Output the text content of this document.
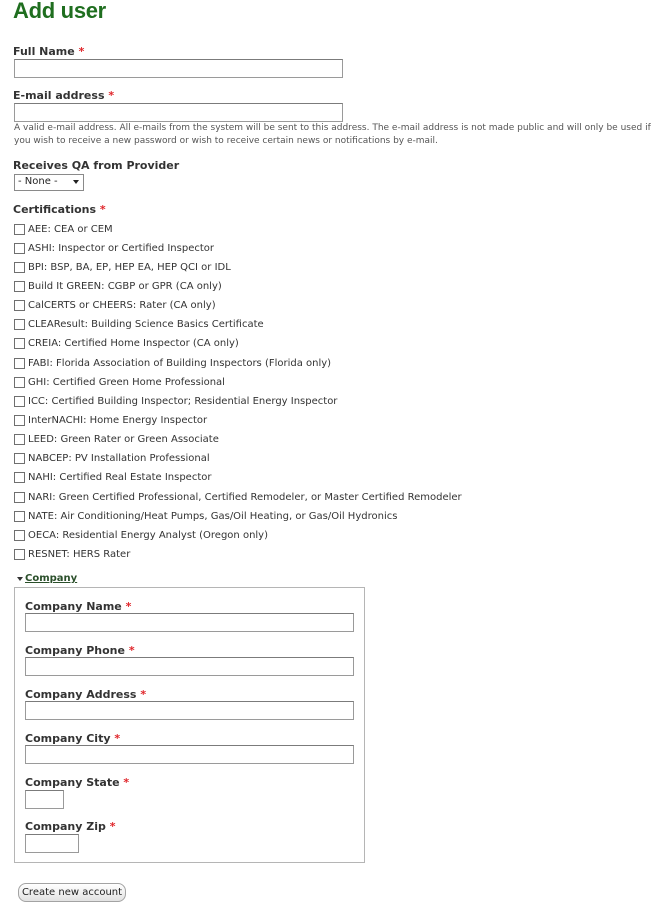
Add user
Full Name *
E-mail address *

A valid e-mail address. All e-mails from the system will be sent to this address. The e-mail address is not made public and will only be used if you wish to receive a new password or wish to receive certain news or notifications by e-mail.

Receives QA from Provider
- None -
Certifications *
AEE: CEA or CEM
ASHI: Inspector or Certified Inspector
BPI: BSP, BA, EP, HEP EA, HEP QCI or IDL
Build It GREEN: CGBP or GPR (CA only)
CalCERTS or CHEERS: Rater (CA only)
CLEAResult: Building Science Basics Certificate
CREIA: Certified Home Inspector (CA only)
FABI: Florida Association of Building Inspectors (Florida only)
GHI: Certified Green Home Professional
ICC: Certified Building Inspector; Residential Energy Inspector
InterNACHI: Home Energy Inspector
LEED: Green Rater or Green Associate
NABCEP: PV Installation Professional
NAHI: Certified Real Estate Inspector
NARI: Green Certified Professional, Certified Remodeler, or Master Certified Remodeler
NATE: Air Conditioning/Heat Pumps, Gas/Oil Heating, or Gas/Oil Hydronics
OECA: Residential Energy Analyst (Oregon only)
RESNET: HERS Rater
Company
Company Name *
Company Phone *
Company Address *
Company City *
Company State *
Company Zip *
Create new account
